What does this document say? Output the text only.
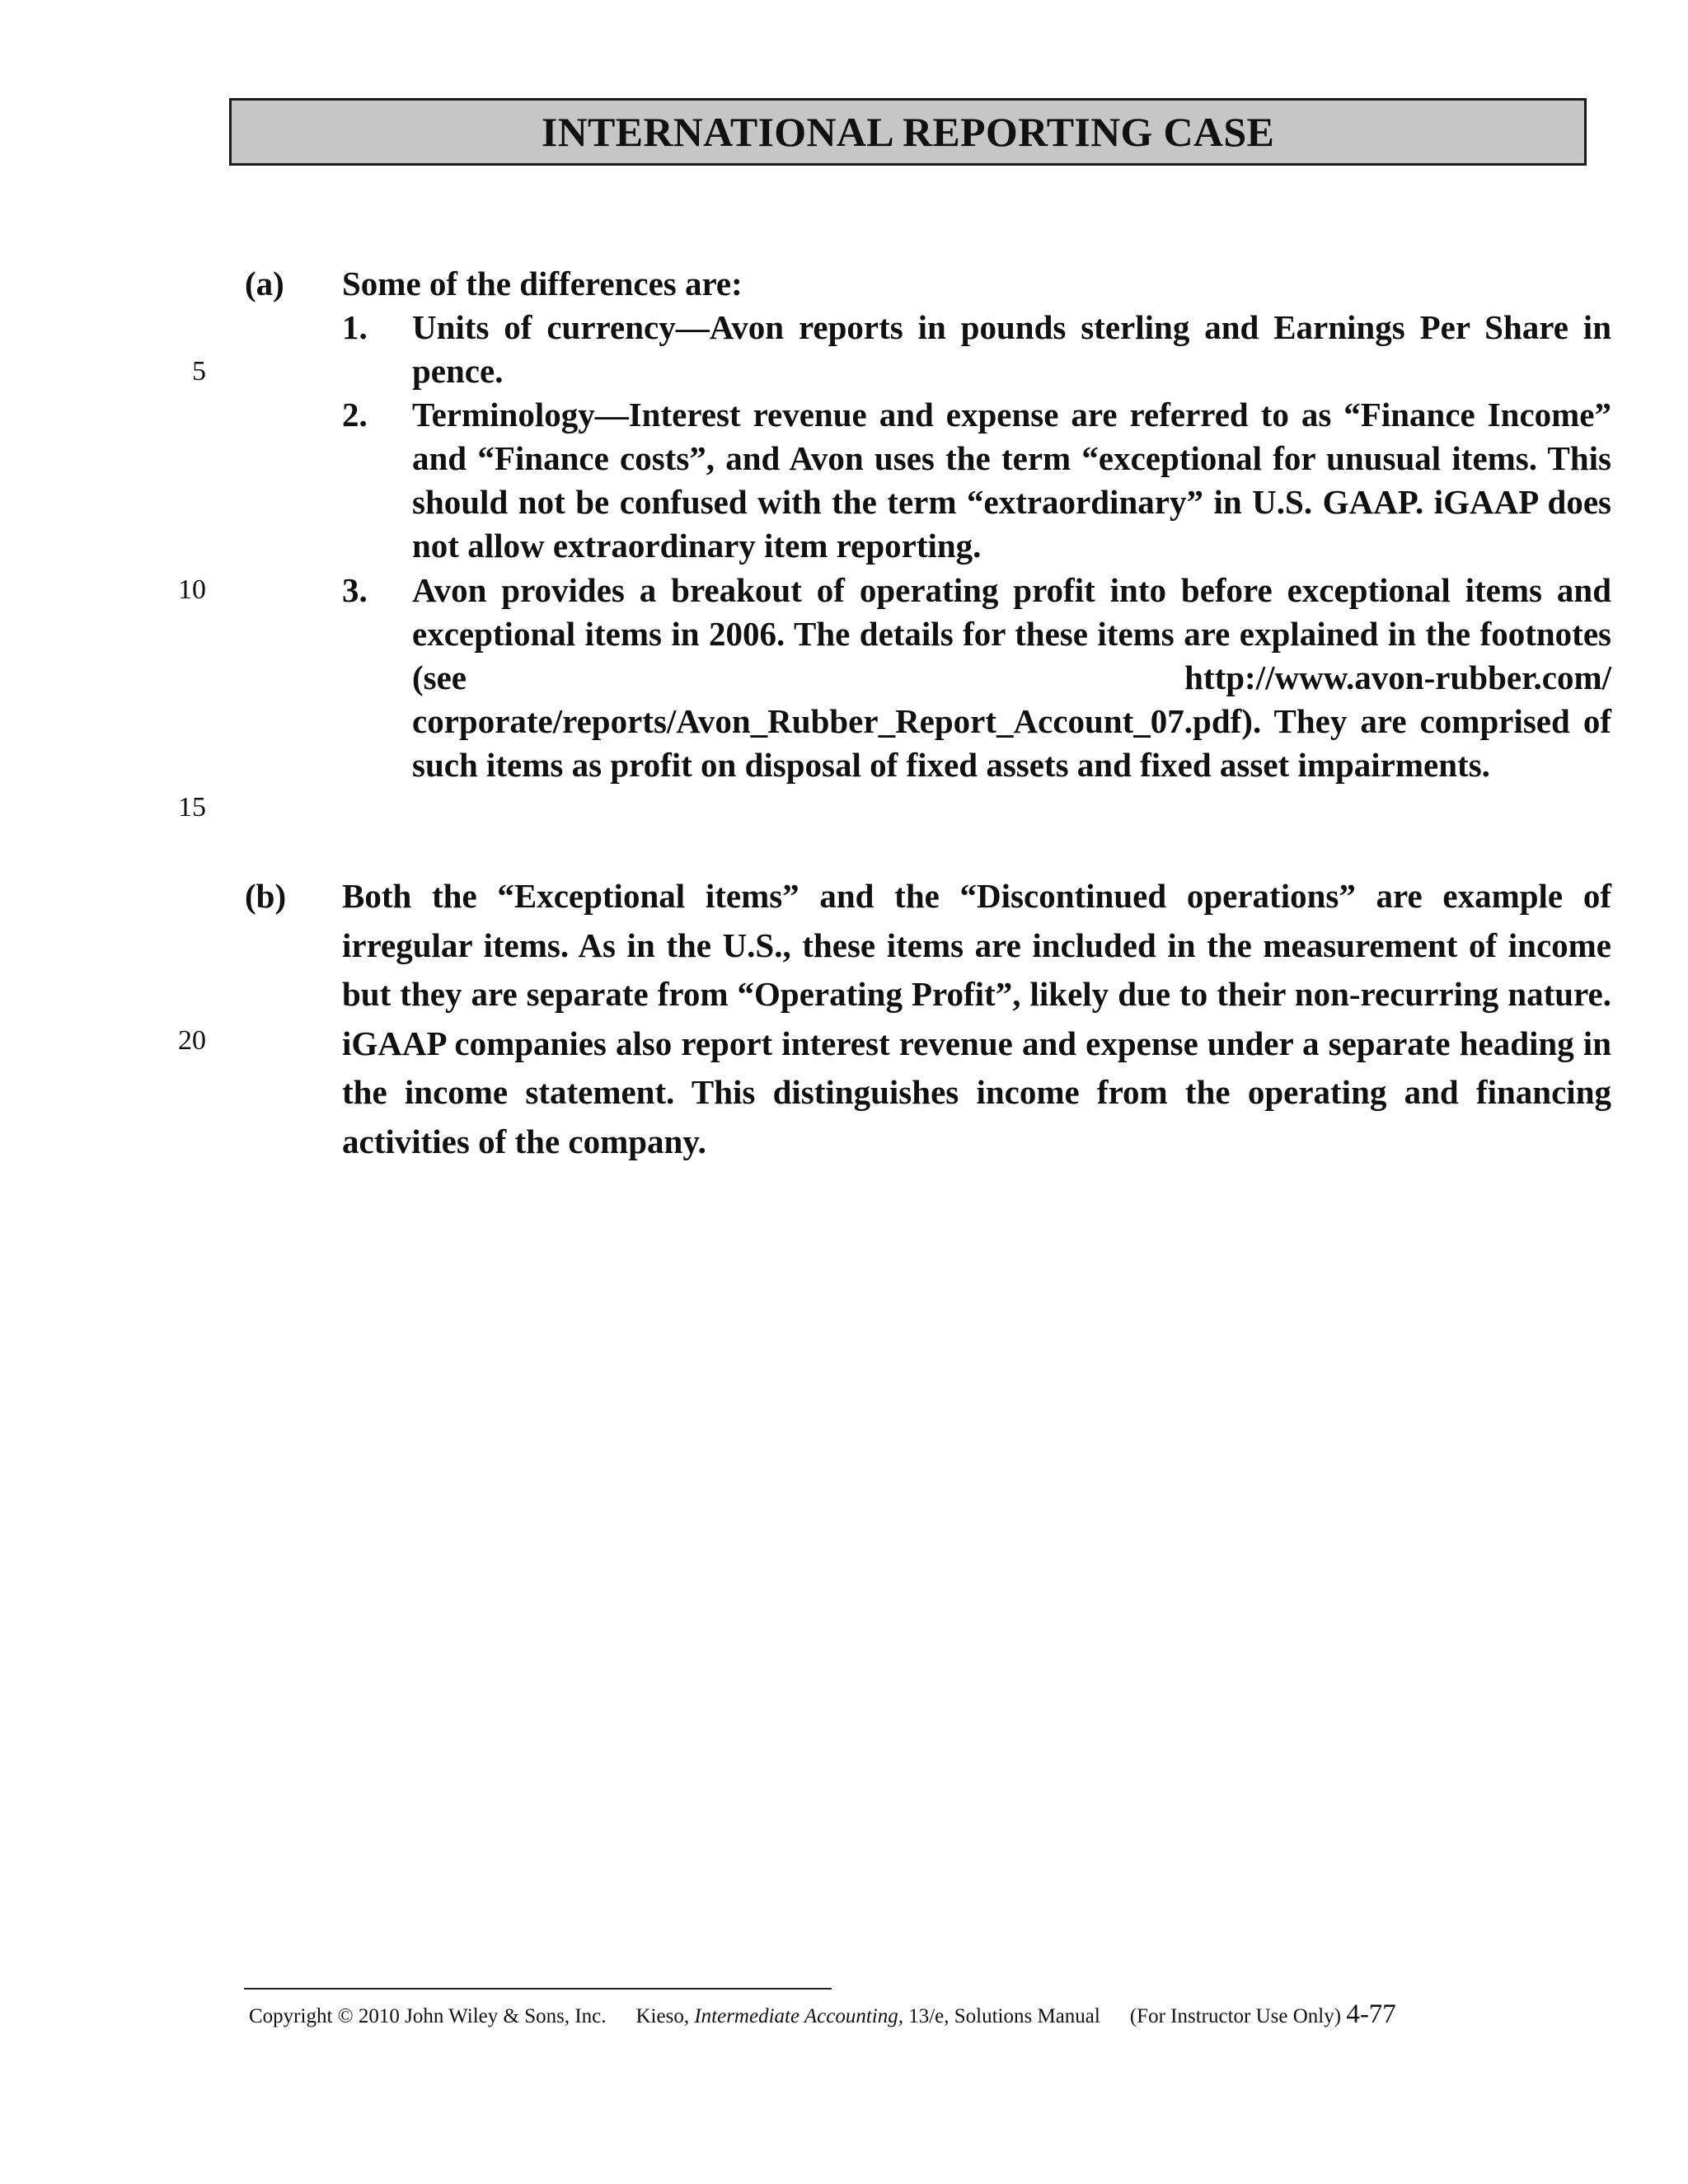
INTERNATIONAL REPORTING CASE
5
10
15
20
(a) Some of the differences are:

1. Units of currency—Avon reports in pounds sterling and Earnings Per Share in pence.

2. Terminology—Interest revenue and expense are referred to as “Finance Income” and “Finance costs”, and Avon uses the term “exceptional for unusual items. This should not be confused with the term “extraordinary” in U.S. GAAP. iGAAP does not allow extraordinary item reporting.

3. Avon provides a breakout of operating profit into before exceptional items and exceptional items in 2006. The details for these items are explained in the footnotes (see http://www.avon-rubber.com/ corporate/reports/Avon_Rubber_Report_Account_07.pdf). They are comprised of such items as profit on disposal of fixed assets and fixed asset impairments.

(b) Both the “Exceptional items” and the “Discontinued operations” are example of irregular items. As in the U.S., these items are included in the measurement of income but they are separate from “Operating Profit”, likely due to their non-recurring nature. iGAAP companies also report interest revenue and expense under a separate heading in the income statement. This distinguishes income from the operating and financing activities of the company.

Copyright © 2010 John Wiley & Sons, Inc. Kieso, Intermediate Accounting, 13/e, Solutions Manual (For Instructor Use Only) 4-77
